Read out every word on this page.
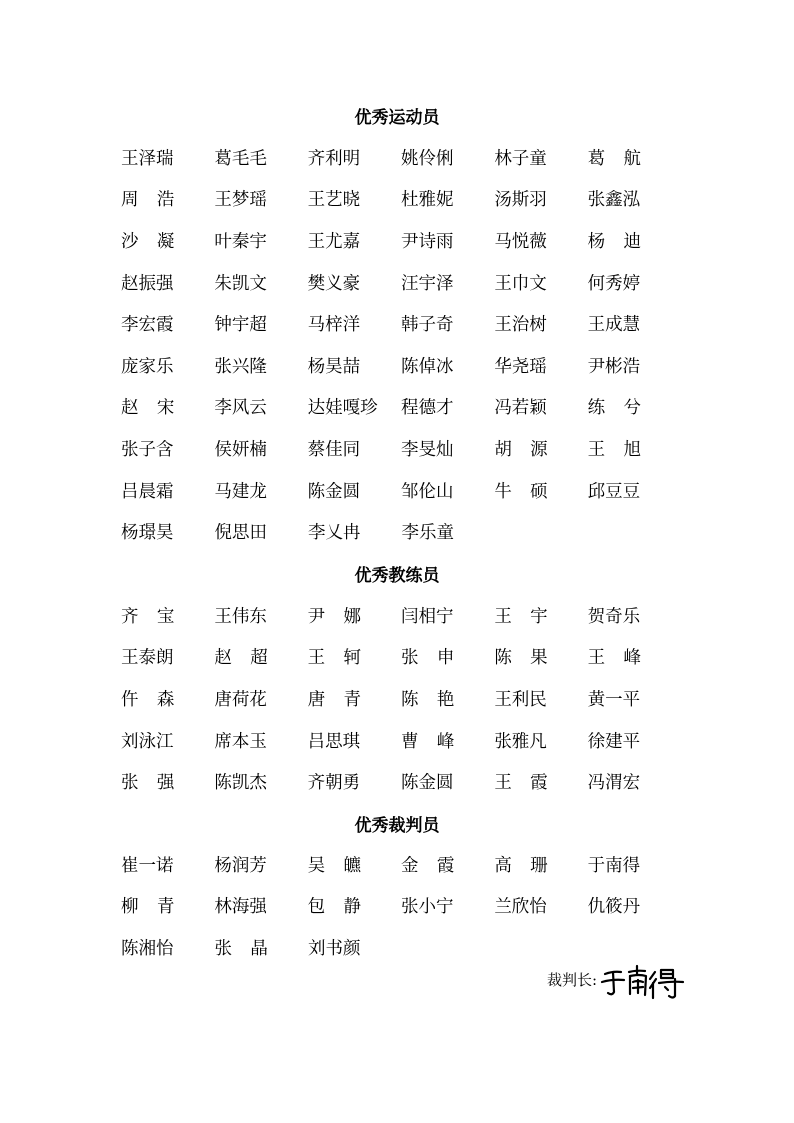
优秀运动员
王泽瑞	葛毛毛	齐利明	姚伶俐	林子童	葛航
周浩	王梦瑶	王艺晓	杜雅妮	汤斯羽	张鑫泓
沙凝	叶秦宇	王尤嘉	尹诗雨	马悦薇	杨迪
赵振强	朱凯文	樊义豪	汪宇泽	王巾文	何秀婷
李宏霞	钟宇超	马梓洋	韩子奇	王治树	王成慧
庞家乐	张兴隆	杨昊喆	陈倬冰	华尧瑶	尹彬浩
赵宋	李风云	达娃嘎珍	程德才	冯若颖	练兮
张子含	侯妍楠	蔡佳同	李旻灿	胡源	王旭
吕晨霜	马建龙	陈金圆	邹伦山	牛硕	邱豆豆
杨璟昊	倪思田	李乂冉	李乐童
优秀教练员
齐宝	王伟东	尹娜	闫相宁	王宇	贺奇乐
王泰朗	赵超	王轲	张申	陈果	王峰
仵森	唐荷花	唐青	陈艳	王利民	黄一平
刘泳江	席本玉	吕思琪	曹峰	张雅凡	徐建平
张强	陈凯杰	齐朝勇	陈金圆	王霞	冯渭宏
优秀裁判员
崔一诺	杨润芳	吴皫	金霞	高珊	于南得
柳青	林海强	包静	张小宁	兰欣怡	仇筱丹
陈湘怡	张晶	刘书颜
裁判长:
